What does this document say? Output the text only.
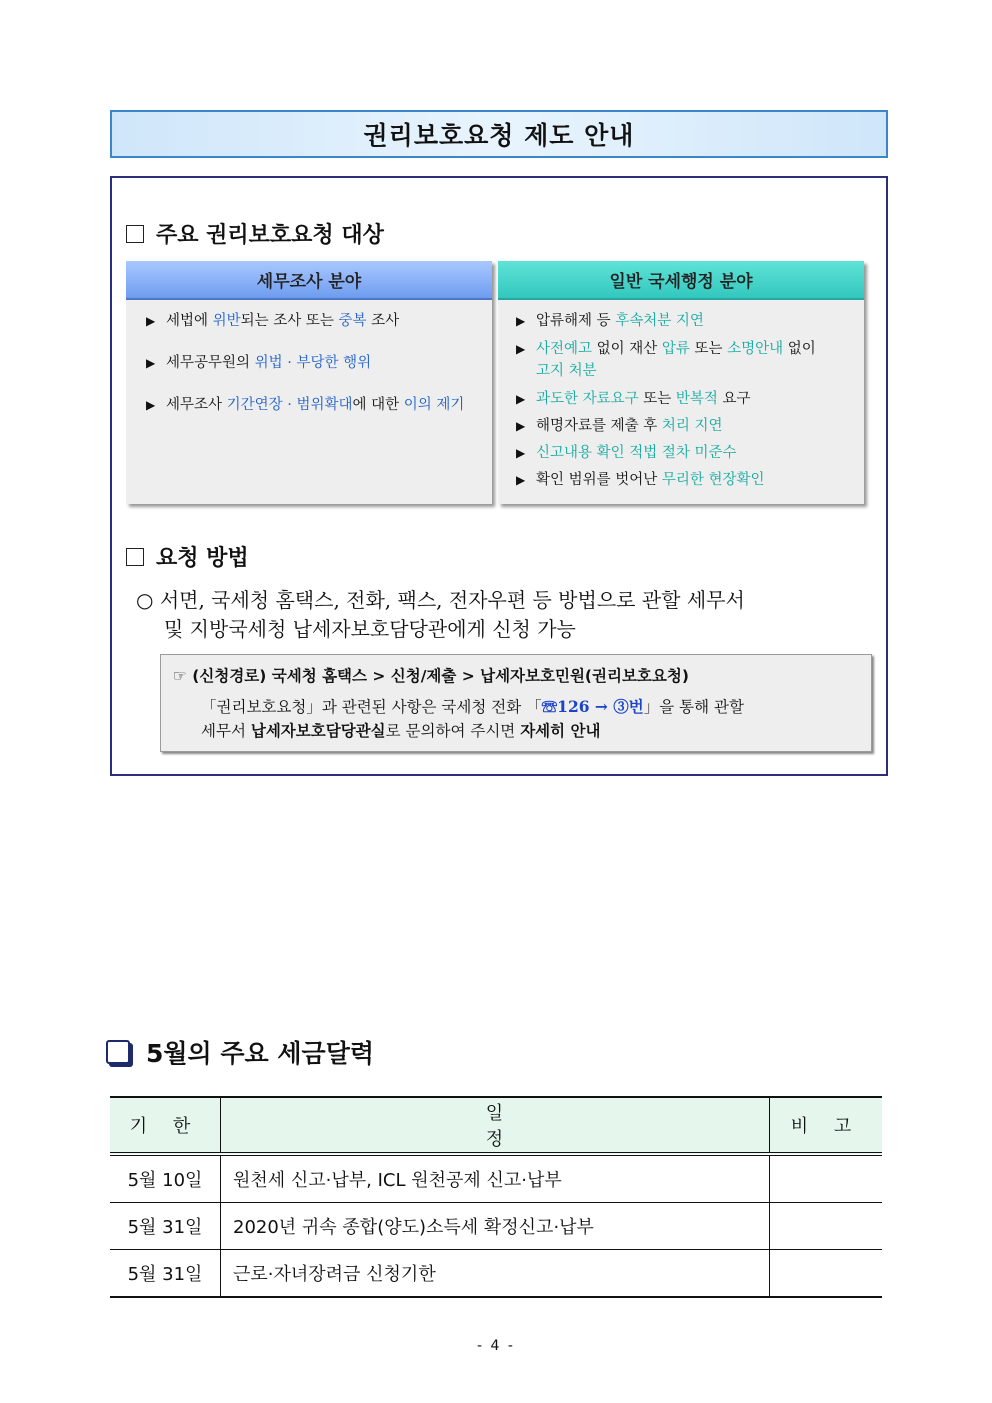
권리보호요청 제도 안내
주요 권리보호요청 대상
세무조사 분야
▶ 세법에 위반되는 조사 또는 중복 조사
▶ 세무공무원의 위법 · 부당한 행위
▶ 세무조사 기간연장 · 범위확대에 대한 이의 제기
일반 국세행정 분야
▶ 압류해제 등 후속처분 지연
▶ 사전예고 없이 재산 압류 또는 소명안내 없이
고지 처분
▶ 과도한 자료요구 또는 반복적 요구
▶ 해명자료를 제출 후 처리 지연
▶ 신고내용 확인 적법 절차 미준수
▶ 확인 범위를 벗어난 무리한 현장확인
요청 방법
○ 서면, 국세청 홈택스, 전화, 팩스, 전자우편 등 방법으로 관할 세무서
및 지방국세청 납세자보호담당관에게 신청 가능
☞ (신청경로) 국세청 홈택스 > 신청/제출 > 납세자보호민원(권리보호요청)
「권리보호요청」과 관련된 사항은 국세청 전화 「☏126 → ③번」을 통해 관할
세무서 납세자보호담당관실로 문의하여 주시면 자세히 안내
5월의 주요 세금달력
기 한	일 정	비 고
5월 10일	원천세 신고·납부, ICL 원천공제 신고·납부	
5월 31일	2020년 귀속 종합(양도)소득세 확정신고·납부	
5월 31일	근로·자녀장려금 신청기한	
- 4 -
